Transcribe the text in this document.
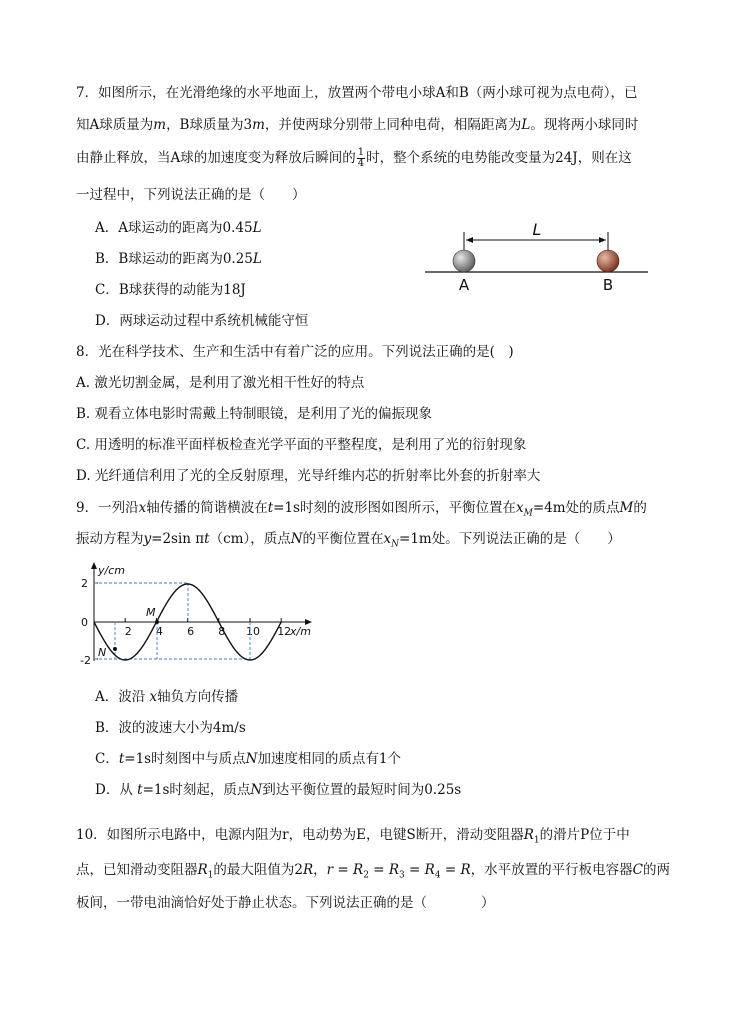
7．如图所示，在光滑绝缘的水平地面上，放置两个带电小球A和B（两小球可视为点电荷），已
知A球质量为m，B球质量为3m，并使两球分别带上同种电荷，相隔距离为L。现将两小球同时
由静止释放，当A球的加速度变为释放后瞬间的 $\frac{1}{4}$ 时，整个系统的电势能改变量为24J，则在这
一过程中，下列说法正确的是（　　）
A．A球运动的距离为0.45L
B．B球运动的距离为0.25L
C．B球获得的动能为18J
D．两球运动过程中系统机械能守恒
L
A	B
8．光在科学技术、生产和生活中有着广泛的应用。下列说法正确的是(　)
A. 激光切割金属，是利用了激光相干性好的特点
B. 观看立体电影时需戴上特制眼镜，是利用了光的偏振现象
C. 用透明的标准平面样板检查光学平面的平整程度，是利用了光的衍射现象
D. 光纤通信利用了光的全反射原理，光导纤维内芯的折射率比外套的折射率大
9．一列沿x轴传播的简谐横波在t=1s时刻的波形图如图所示，平衡位置在$x_M=4m$处的质点M的
振动方程为y=2sin πt（cm），质点N的平衡位置在$x_N=1m$处。下列说法正确的是（　　）
y/cm
x/m
2
0
-2
2 4 6 8 10 12
M
N
A．波沿 x轴负方向传播
B．波的波速大小为4m/s
C．t=1s时刻图中与质点N加速度相同的质点有1个
D．从 t=1s时刻起，质点N到达平衡位置的最短时间为0.25s
10．如图所示电路中，电源内阻为r，电动势为E，电键S断开，滑动变阻器$R_1$的滑片P位于中
点，已知滑动变阻器$R_1$的最大阻值为2R，$r = R_2 = R_3 = R_4 = R$，水平放置的平行板电容器C的两
板间，一带电油滴恰好处于静止状态。下列说法正确的是（　　　　）
